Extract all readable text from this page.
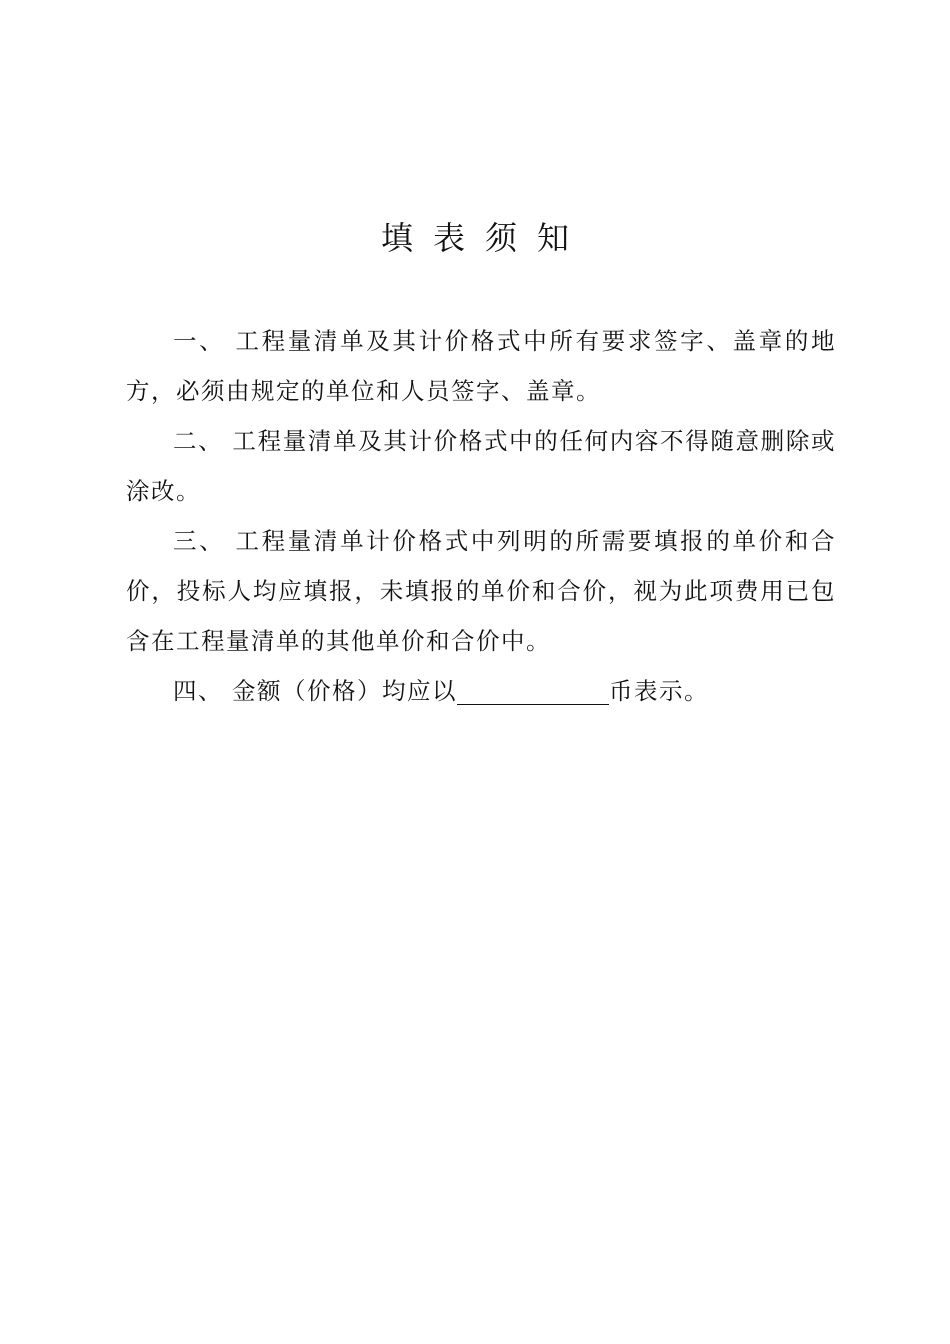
填表须知

一、 工程量清单及其计价格式中所有要求签字、盖章的地方，必须由规定的单位和人员签字、盖章。

二、 工程量清单及其计价格式中的任何内容不得随意删除或涂改。

三、 工程量清单计价格式中列明的所需要填报的单价和合价，投标人均应填报，未填报的单价和合价，视为此项费用已包含在工程量清单的其他单价和合价中。

四、 金额（价格）均应以	币表示。
